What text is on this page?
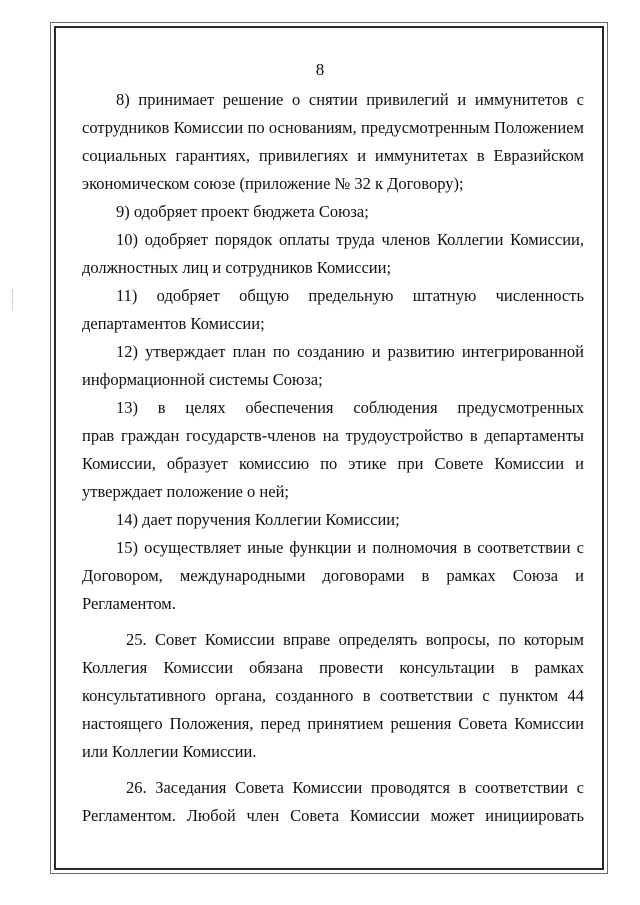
8
8) принимает решение о снятии привилегий и иммунитетов с
сотрудников Комиссии по основаниям, предусмотренным Положением
социальных гарантиях, привилегиях и иммунитетах в Евразийском
экономическом союзе (приложение № 32 к Договору);
9) одобряет проект бюджета Союза;
10) одобряет порядок оплаты труда членов Коллегии Комиссии,
должностных лиц и сотрудников Комиссии;
11) одобряет общую предельную штатную численность
департаментов Комиссии;
12) утверждает план по созданию и развитию интегрированной
информационной системы Союза;
13) в целях обеспечения соблюдения предусмотренных
прав граждан государств-членов на трудоустройство в департаменты
Комиссии, образует комиссию по этике при Совете Комиссии и
утверждает положение о ней;
14) дает поручения Коллегии Комиссии;
15) осуществляет иные функции и полномочия в соответствии с
Договором, международными договорами в рамках Союза и
Регламентом.
25. Совет Комиссии вправе определять вопросы, по которым
Коллегия Комиссии обязана провести консультации в рамках
консультативного органа, созданного в соответствии с пунктом 44
настоящего Положения, перед принятием решения Совета Комиссии
или Коллегии Комиссии.
26. Заседания Совета Комиссии проводятся в соответствии с
Регламентом. Любой член Совета Комиссии может инициировать
